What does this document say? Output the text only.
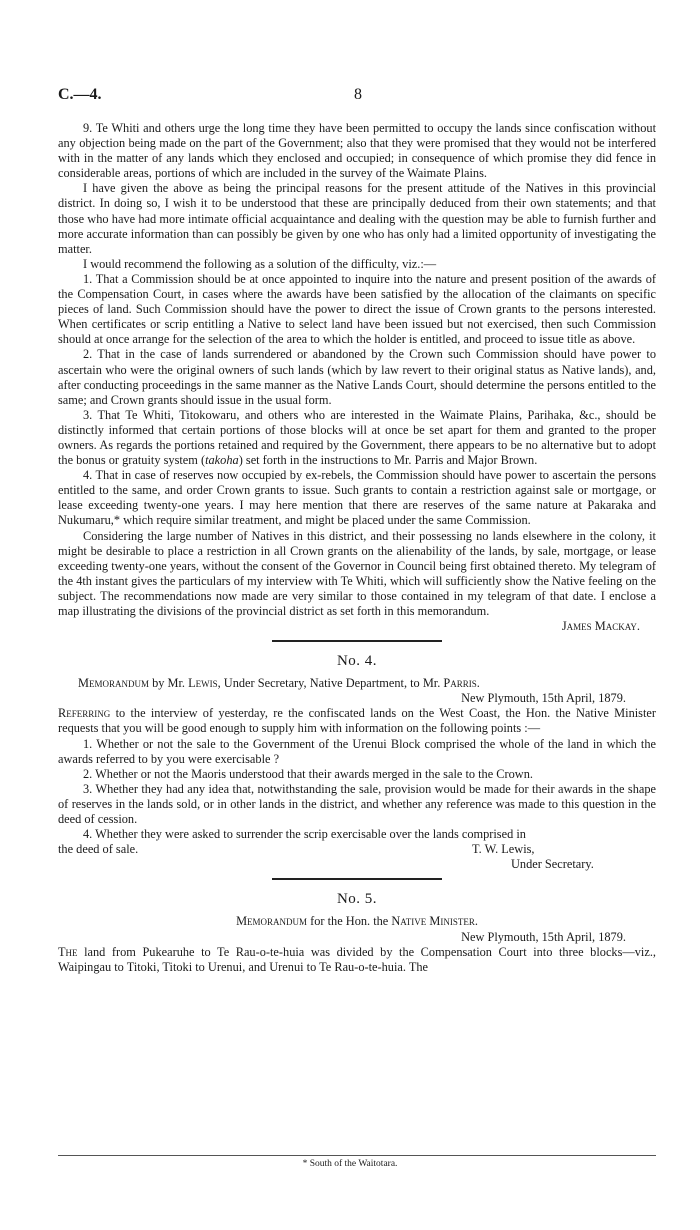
C.—4.	8

9. Te Whiti and others urge the long time they have been permitted to occupy the lands since confiscation without any objection being made on the part of the Government; also that they were promised that they would not be interfered with in the matter of any lands which they enclosed and occupied; in consequence of which promise they did fence in considerable areas, portions of which are included in the survey of the Waimate Plains.

I have given the above as being the principal reasons for the present attitude of the Natives in this provincial district. In doing so, I wish it to be understood that these are principally deduced from their own statements; and that those who have had more intimate official acquaintance and dealing with the question may be able to furnish further and more accurate information than can possibly be given by one who has only had a limited opportunity of investigating the matter.

I would recommend the following as a solution of the difficulty, viz.:—

1. That a Commission should be at once appointed to inquire into the nature and present position of the awards of the Compensation Court, in cases where the awards have been satisfied by the allocation of the claimants on specific pieces of land. Such Commission should have the power to direct the issue of Crown grants to the persons interested. When certificates or scrip entitling a Native to select land have been issued but not exercised, then such Commission should at once arrange for the selection of the area to which the holder is entitled, and proceed to issue title as above.

2. That in the case of lands surrendered or abandoned by the Crown such Commission should have power to ascertain who were the original owners of such lands (which by law revert to their original status as Native lands), and, after conducting proceedings in the same manner as the Native Lands Court, should determine the persons entitled to the same; and Crown grants should issue in the usual form.

3. That Te Whiti, Titokowaru, and others who are interested in the Waimate Plains, Parihaka, &c., should be distinctly informed that certain portions of those blocks will at once be set apart for them and granted to the proper owners. As regards the portions retained and required by the Government, there appears to be no alternative but to adopt the bonus or gratuity system (takoha) set forth in the instructions to Mr. Parris and Major Brown.

4. That in case of reserves now occupied by ex-rebels, the Commission should have power to ascertain the persons entitled to the same, and order Crown grants to issue. Such grants to contain a restriction against sale or mortgage, or lease exceeding twenty-one years. I may here mention that there are reserves of the same nature at Pakaraka and Nukumaru,* which require similar treatment, and might be placed under the same Commission.

Considering the large number of Natives in this district, and their possessing no lands elsewhere in the colony, it might be desirable to place a restriction in all Crown grants on the alienability of the lands, by sale, mortgage, or lease exceeding twenty-one years, without the consent of the Governor in Council being first obtained thereto. My telegram of the 4th instant gives the particulars of my interview with Te Whiti, which will sufficiently show the Native feeling on the subject. The recommendations now made are very similar to those contained in my telegram of that date. I enclose a map illustrating the divisions of the provincial district as set forth in this memorandum.

James Mackay.

No. 4.

Memorandum by Mr. Lewis, Under Secretary, Native Department, to Mr. Parris.

New Plymouth, 15th April, 1879.

Referring to the interview of yesterday, re the confiscated lands on the West Coast, the Hon. the Native Minister requests that you will be good enough to supply him with information on the following points :—

1. Whether or not the sale to the Government of the Urenui Block comprised the whole of the land in which the awards referred to by you were exercisable ?

2. Whether or not the Maoris understood that their awards merged in the sale to the Crown.

3. Whether they had any idea that, notwithstanding the sale, provision would be made for their awards in the shape of reserves in the lands sold, or in other lands in the district, and whether any reference was made to this question in the deed of cession.

4. Whether they were asked to surrender the scrip exercisable over the lands comprised in

the deed of sale.	T. W. Lewis,
Under Secretary.
No. 5.

Memorandum for the Hon. the Native Minister.

New Plymouth, 15th April, 1879.

The land from Pukearuhe to Te Rau-o-te-huia was divided by the Compensation Court into three blocks—viz., Waipingau to Titoki, Titoki to Urenui, and Urenui to Te Rau-o-te-huia. The

* South of the Waitotara.
